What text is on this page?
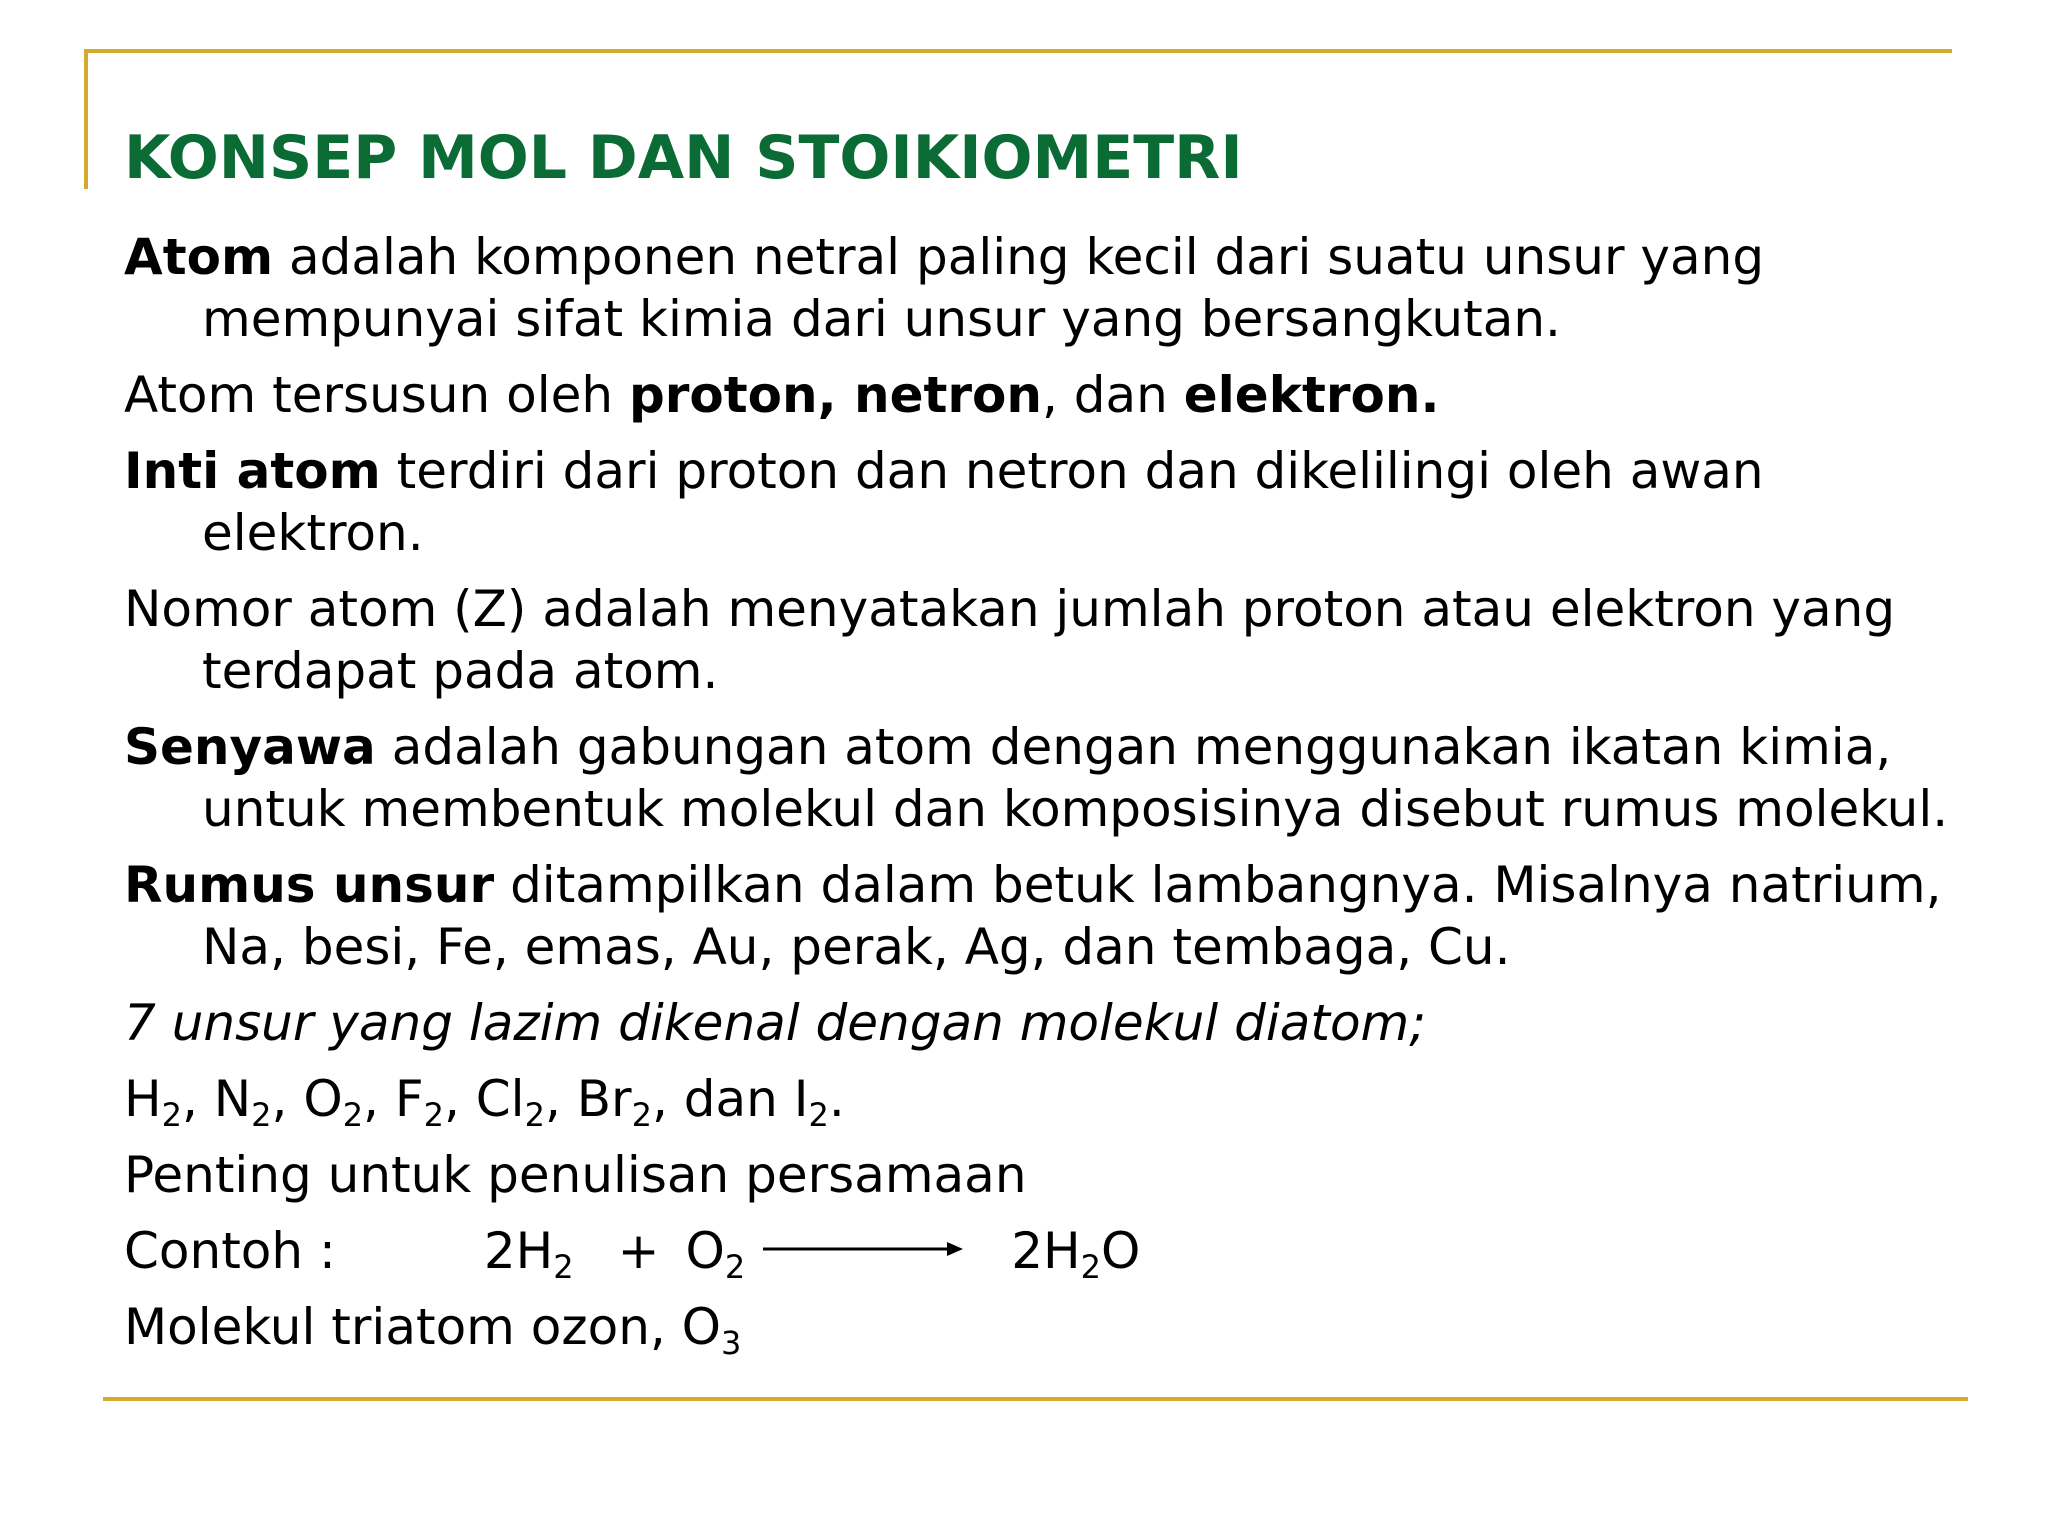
KONSEP MOL DAN STOIKIOMETRI
Atom adalah komponen netral paling kecil dari suatu unsur yang mempunyai sifat kimia dari unsur yang bersangkutan.
Atom tersusun oleh proton, netron, dan elektron.
Inti atom terdiri dari proton dan netron dan dikelilingi oleh awan elektron.
Nomor atom (Z) adalah menyatakan jumlah proton atau elektron yang terdapat pada atom.
Senyawa adalah gabungan atom dengan menggunakan ikatan kimia, untuk membentuk molekul dan komposisinya disebut rumus molekul.
Rumus unsur ditampilkan dalam betuk lambangnya. Misalnya natrium, Na, besi, Fe, emas, Au, perak, Ag, dan tembaga, Cu.
7 unsur yang lazim dikenal dengan molekul diatom;
$H_2$, $N_2$, $O_2$, $F_2$, $Cl_2$, $Br_2$, dan $I_2$.
Penting untuk penulisan persamaan
Contoh :	$2H_2 + O_2 \to 2H_2O$
Molekul triatom ozon, $O_3$
